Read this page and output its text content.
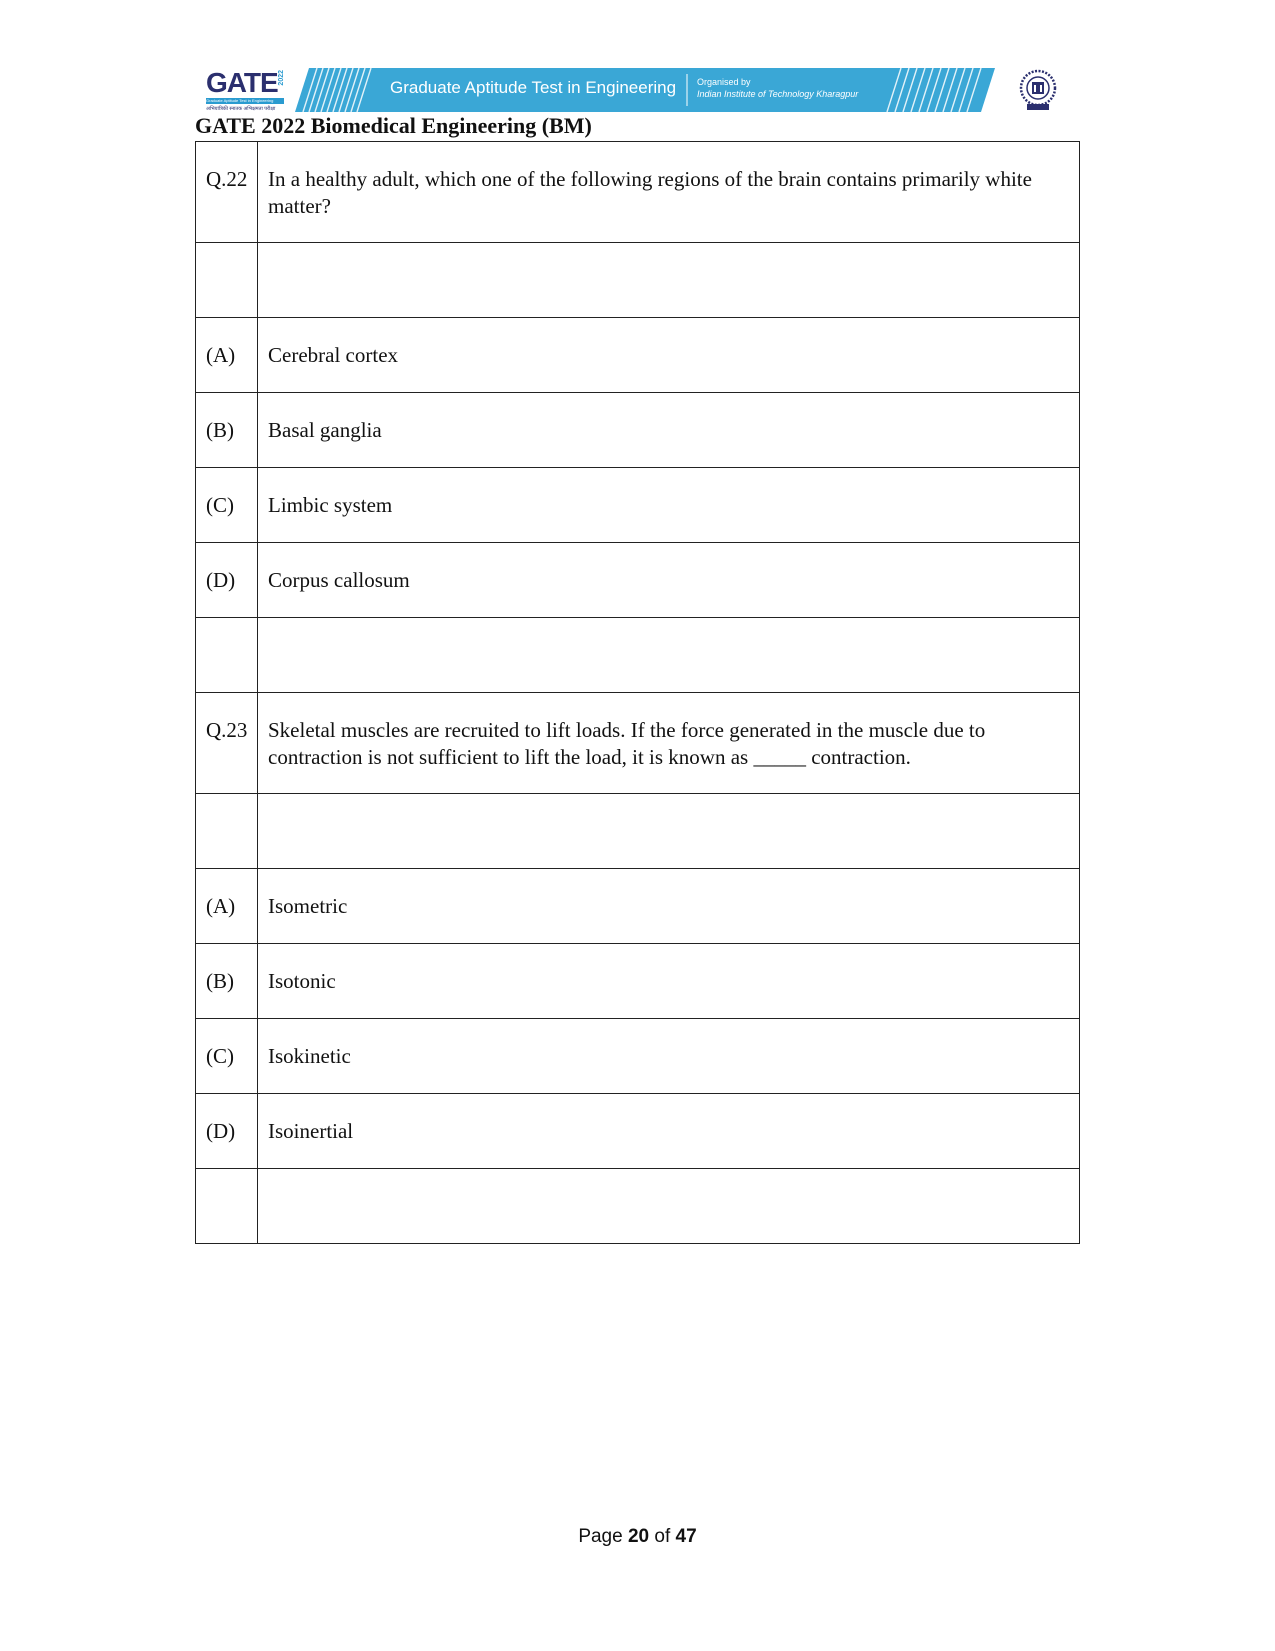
GATE 2022
Graduate Aptitude Test in Engineering
अभियांत्रिकी स्नातक अभिक्षमता परीक्षा
Graduate Aptitude Test in Engineering Organised by
Indian Institute of Technology Kharagpur
GATE 2022 Biomedical Engineering (BM)
Q.22	In a healthy adult, which one of the following regions of the brain contains primarily white matter?

(A)	Cerebral cortex
(B)	Basal ganglia
(C)	Limbic system
(D)	Corpus callosum

Q.23	Skeletal muscles are recruited to lift loads. If the force generated in the muscle due to contraction is not sufficient to lift the load, it is known as _____ contraction.

(A)	Isometric
(B)	Isotonic
(C)	Isokinetic
(D)	Isoinertial

Page 20 of 47
